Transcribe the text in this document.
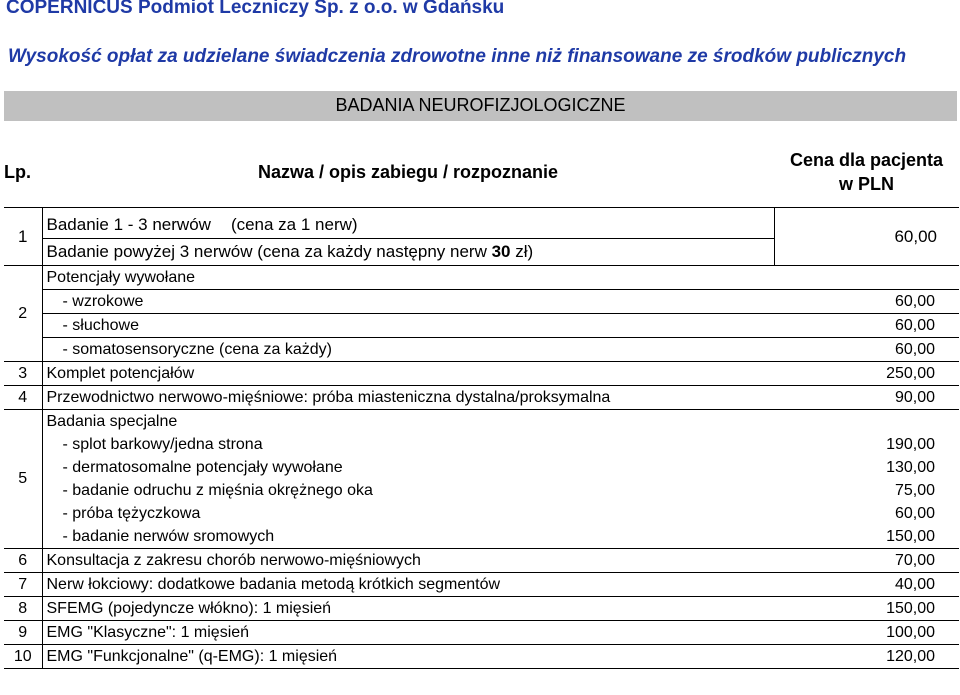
COPERNICUS Podmiot Leczniczy Sp. z o.o. w Gdańsku
Wysokość opłat za udzielane świadczenia zdrowotne inne niż finansowane ze środków publicznych
BADANIA NEUROFIZJOLOGICZNE
Lp.	Nazwa / opis zabiegu / rozpoznanie	Cena dla pacjenta
w PLN
1	Badanie 1 - 3 nerwów (cena za 1 nerw)	60,00
	Badanie powyżej 3 nerwów (cena za każdy następny nerw 30 zł)	
2	Potencjały wywołane	
	- wzrokowe	60,00
	- słuchowe	60,00
	- somatosensoryczne (cena za każdy)	60,00
3	Komplet potencjałów	250,00
4	Przewodnictwo nerwowo-mięśniowe: próba miasteniczna dystalna/proksymalna	90,00
5	Badania specjalne	
	- splot barkowy/jedna strona	190,00
	- dermatosomalne potencjały wywołane	130,00
	- badanie odruchu z mięśnia okrężnego oka	75,00
	- próba tężyczkowa	60,00
	- badanie nerwów sromowych	150,00
6	Konsultacja z zakresu chorób nerwowo-mięśniowych	70,00
7	Nerw łokciowy: dodatkowe badania metodą krótkich segmentów	40,00
8	SFEMG (pojedyncze włókno): 1 mięsień	150,00
9	EMG "Klasyczne": 1 mięsień	100,00
10	EMG "Funkcjonalne" (q-EMG): 1 mięsień	120,00
